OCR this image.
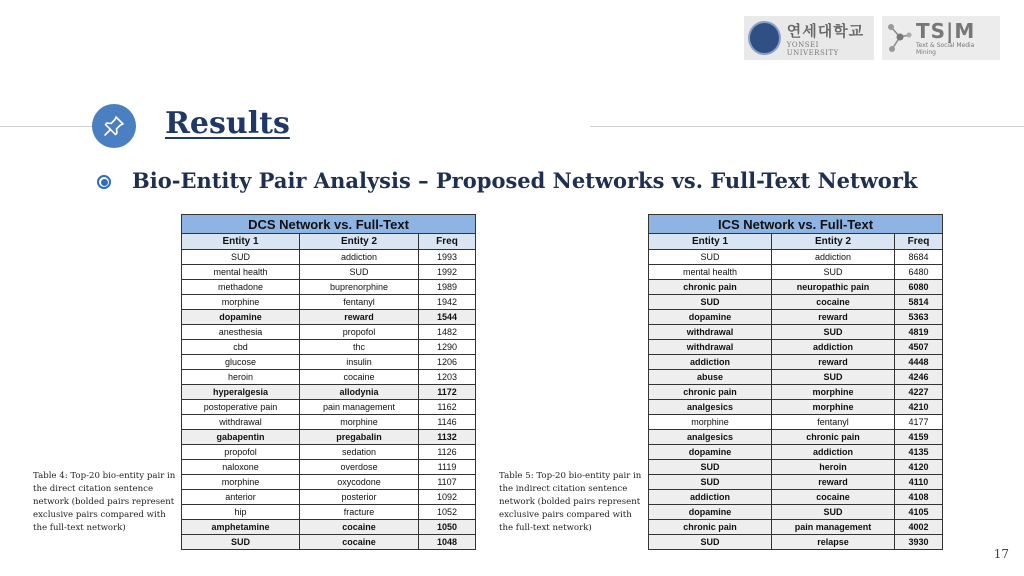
연세대학교
YONSEI UNIVERSITY
TS|M
Text & Social Media Mining
Results
Bio-Entity Pair Analysis – Proposed Networks vs. Full-Text Network
DCS Network vs. Full-Text		
Entity 1	Entity 2	Freq
SUD	addiction	1993
mental health	SUD	1992
methadone	buprenorphine	1989
morphine	fentanyl	1942
dopamine	reward	1544
anesthesia	propofol	1482
cbd	thc	1290
glucose	insulin	1206
heroin	cocaine	1203
hyperalgesia	allodynia	1172
postoperative pain	pain management	1162
withdrawal	morphine	1146
gabapentin	pregabalin	1132
propofol	sedation	1126
naloxone	overdose	1119
morphine	oxycodone	1107
anterior	posterior	1092
hip	fracture	1052
amphetamine	cocaine	1050
SUD	cocaine	1048
ICS Network vs. Full-Text		
Entity 1	Entity 2	Freq
SUD	addiction	8684
mental health	SUD	6480
chronic pain	neuropathic pain	6080
SUD	cocaine	5814
dopamine	reward	5363
withdrawal	SUD	4819
withdrawal	addiction	4507
addiction	reward	4448
abuse	SUD	4246
chronic pain	morphine	4227
analgesics	morphine	4210
morphine	fentanyl	4177
analgesics	chronic pain	4159
dopamine	addiction	4135
SUD	heroin	4120
SUD	reward	4110
addiction	cocaine	4108
dopamine	SUD	4105
chronic pain	pain management	4002
SUD	relapse	3930
Table 4: Top-20 bio-entity pair in the direct citation sentence network (bolded pairs represent exclusive pairs compared with the full-text network)
Table 5: Top-20 bio-entity pair in the indirect citation sentence network (bolded pairs represent exclusive pairs compared with the full-text network)
17
